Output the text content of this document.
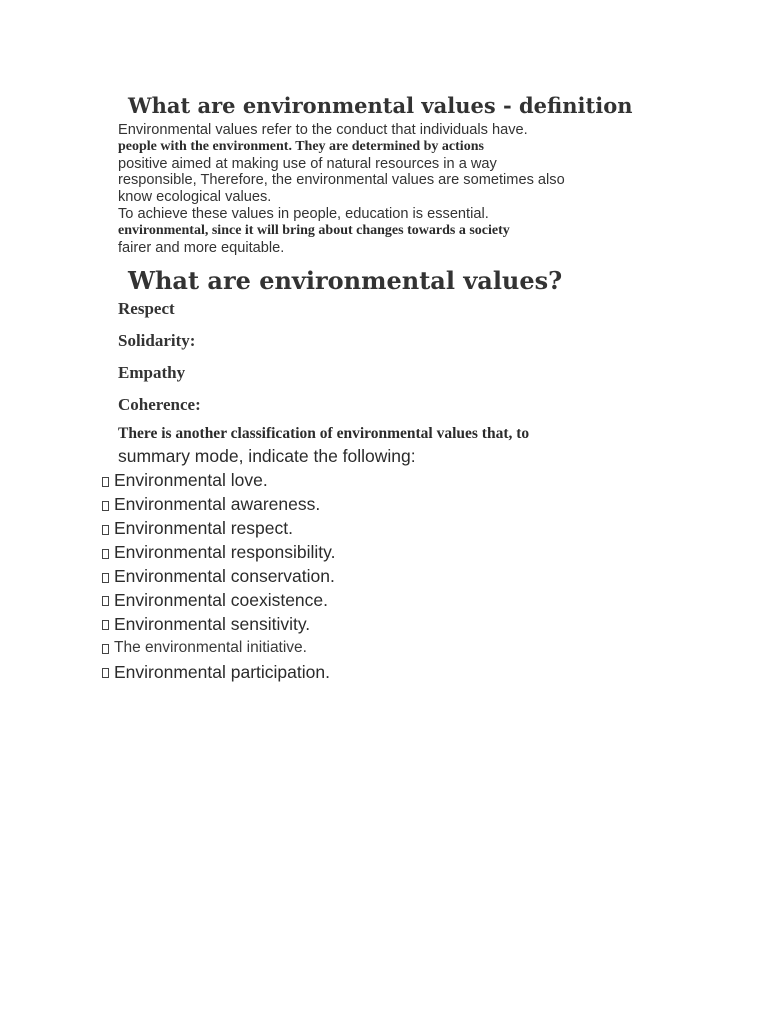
What are environmental values - definition
Environmental values refer to the conduct that individuals have.
people with the environment. They are determined by actions
positive aimed at making use of natural resources in a way
responsible, Therefore, the environmental values are sometimes also
know ecological values.
To achieve these values in people, education is essential.
environmental, since it will bring about changes towards a society
fairer and more equitable.
What are environmental values?
Respect
Solidarity:
Empathy
Coherence:
There is another classification of environmental values that, to
summary mode, indicate the following:
Environmental love.
Environmental awareness.
Environmental respect.
Environmental responsibility.
Environmental conservation.
Environmental coexistence.
Environmental sensitivity.
The environmental initiative.
Environmental participation.
